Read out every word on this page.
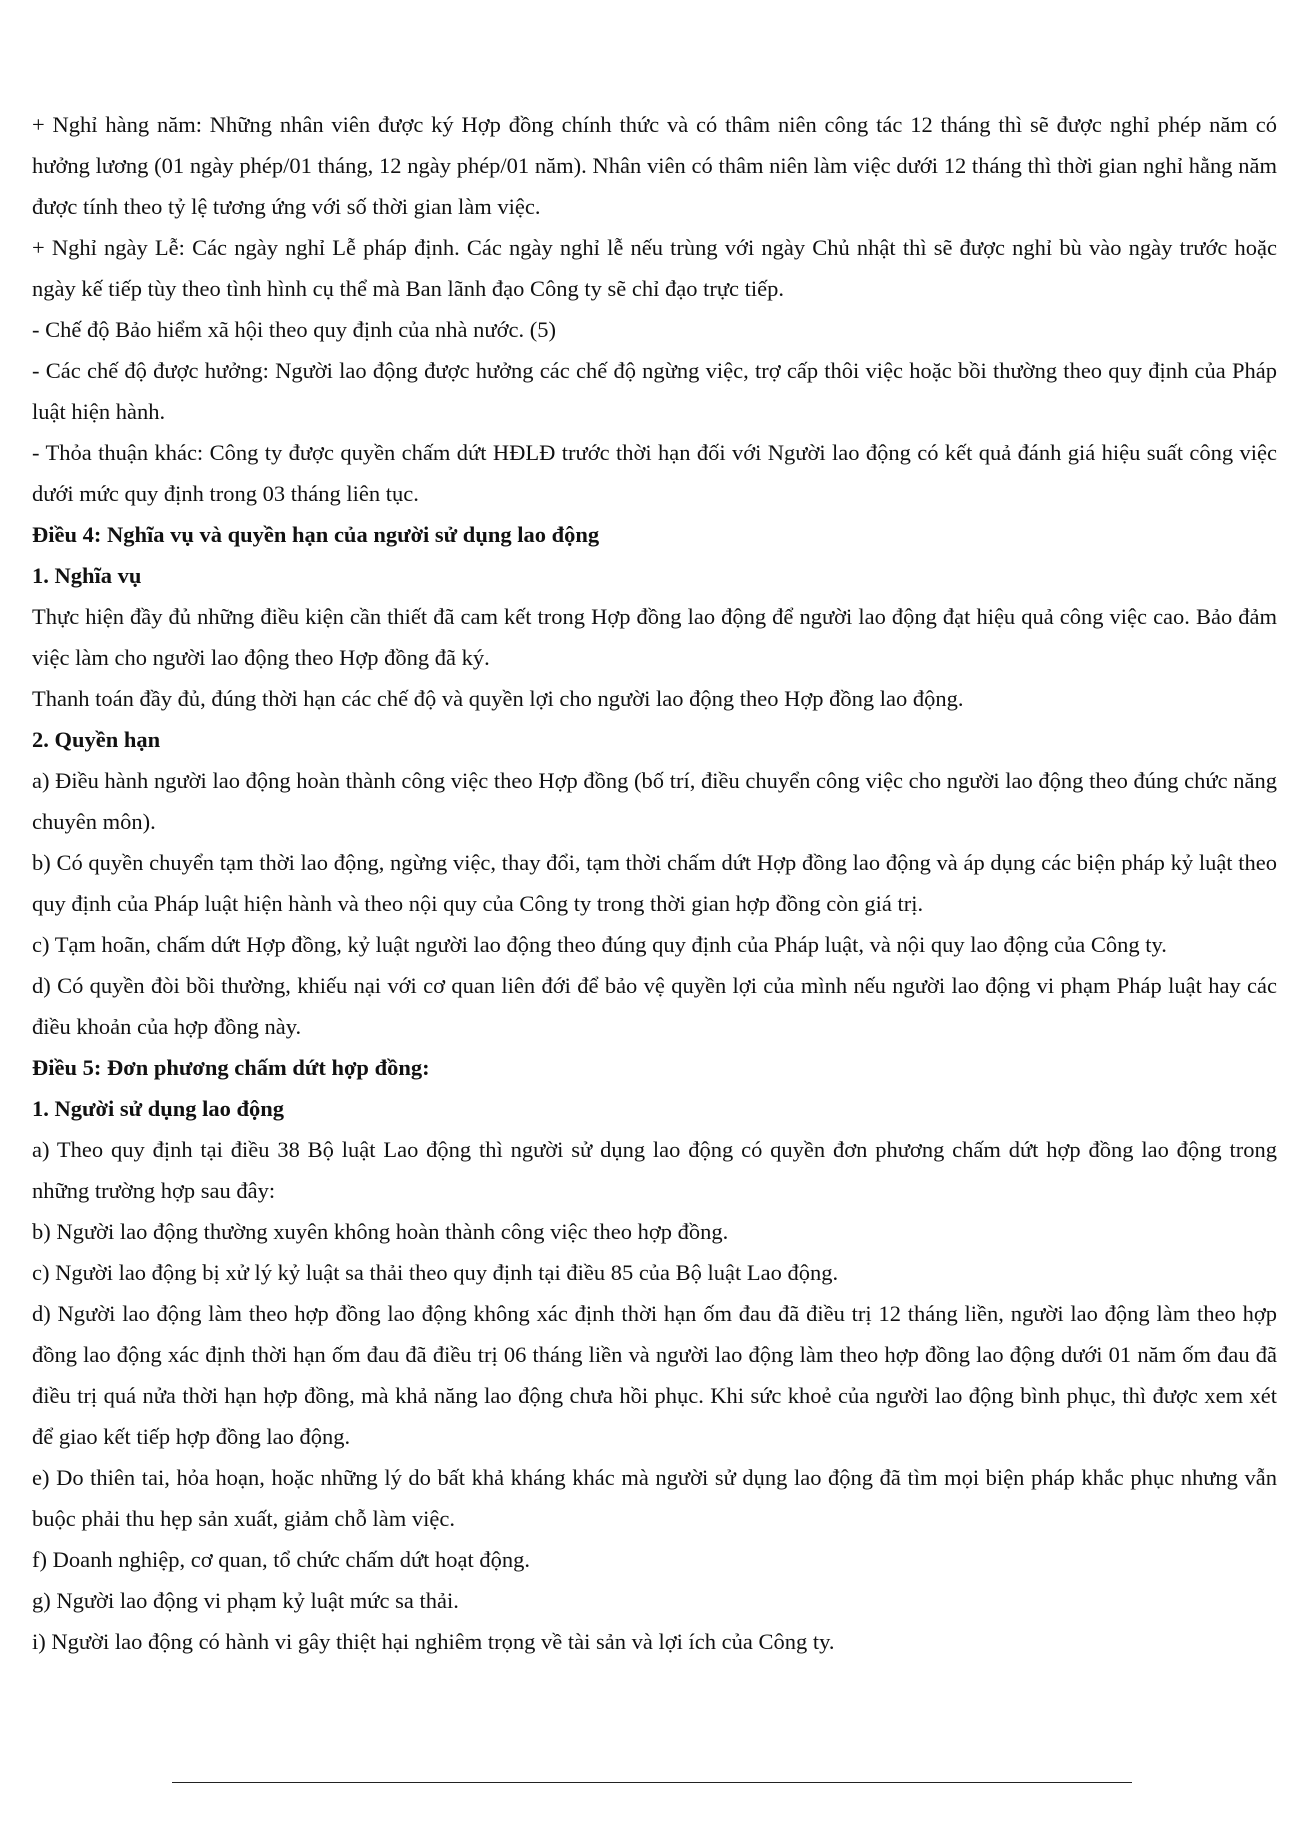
+ Nghỉ hàng năm: Những nhân viên được ký Hợp đồng chính thức và có thâm niên công tác 12 tháng thì sẽ được nghỉ phép năm có hưởng lương (01 ngày phép/01 tháng, 12 ngày phép/01 năm). Nhân viên có thâm niên làm việc dưới 12 tháng thì thời gian nghỉ hằng năm được tính theo tỷ lệ tương ứng với số thời gian làm việc.

+ Nghỉ ngày Lễ: Các ngày nghỉ Lễ pháp định. Các ngày nghỉ lễ nếu trùng với ngày Chủ nhật thì sẽ được nghỉ bù vào ngày trước hoặc ngày kế tiếp tùy theo tình hình cụ thể mà Ban lãnh đạo Công ty sẽ chỉ đạo trực tiếp.

- Chế độ Bảo hiểm xã hội theo quy định của nhà nước. (5)

- Các chế độ được hưởng: Người lao động được hưởng các chế độ ngừng việc, trợ cấp thôi việc hoặc bồi thường theo quy định của Pháp luật hiện hành.

- Thỏa thuận khác: Công ty được quyền chấm dứt HĐLĐ trước thời hạn đối với Người lao động có kết quả đánh giá hiệu suất công việc dưới mức quy định trong 03 tháng liên tục.

Điều 4: Nghĩa vụ và quyền hạn của người sử dụng lao động

1. Nghĩa vụ

Thực hiện đầy đủ những điều kiện cần thiết đã cam kết trong Hợp đồng lao động để người lao động đạt hiệu quả công việc cao. Bảo đảm việc làm cho người lao động theo Hợp đồng đã ký.

Thanh toán đầy đủ, đúng thời hạn các chế độ và quyền lợi cho người lao động theo Hợp đồng lao động.

2. Quyền hạn

a) Điều hành người lao động hoàn thành công việc theo Hợp đồng (bố trí, điều chuyển công việc cho người lao động theo đúng chức năng chuyên môn).

b) Có quyền chuyển tạm thời lao động, ngừng việc, thay đổi, tạm thời chấm dứt Hợp đồng lao động và áp dụng các biện pháp kỷ luật theo quy định của Pháp luật hiện hành và theo nội quy của Công ty trong thời gian hợp đồng còn giá trị.

c) Tạm hoãn, chấm dứt Hợp đồng, kỷ luật người lao động theo đúng quy định của Pháp luật, và nội quy lao động của Công ty.

d) Có quyền đòi bồi thường, khiếu nại với cơ quan liên đới để bảo vệ quyền lợi của mình nếu người lao động vi phạm Pháp luật hay các điều khoản của hợp đồng này.

Điều 5: Đơn phương chấm dứt hợp đồng:

1. Người sử dụng lao động

a) Theo quy định tại điều 38 Bộ luật Lao động thì người sử dụng lao động có quyền đơn phương chấm dứt hợp đồng lao động trong những trường hợp sau đây:

b) Người lao động thường xuyên không hoàn thành công việc theo hợp đồng.

c) Người lao động bị xử lý kỷ luật sa thải theo quy định tại điều 85 của Bộ luật Lao động.

d) Người lao động làm theo hợp đồng lao động không xác định thời hạn ốm đau đã điều trị 12 tháng liền, người lao động làm theo hợp đồng lao động xác định thời hạn ốm đau đã điều trị 06 tháng liền và người lao động làm theo hợp đồng lao động dưới 01 năm ốm đau đã điều trị quá nửa thời hạn hợp đồng, mà khả năng lao động chưa hồi phục. Khi sức khoẻ của người lao động bình phục, thì được xem xét để giao kết tiếp hợp đồng lao động.

e) Do thiên tai, hỏa hoạn, hoặc những lý do bất khả kháng khác mà người sử dụng lao động đã tìm mọi biện pháp khắc phục nhưng vẫn buộc phải thu hẹp sản xuất, giảm chỗ làm việc.

f) Doanh nghiệp, cơ quan, tổ chức chấm dứt hoạt động.

g) Người lao động vi phạm kỷ luật mức sa thải.

i) Người lao động có hành vi gây thiệt hại nghiêm trọng về tài sản và lợi ích của Công ty.
